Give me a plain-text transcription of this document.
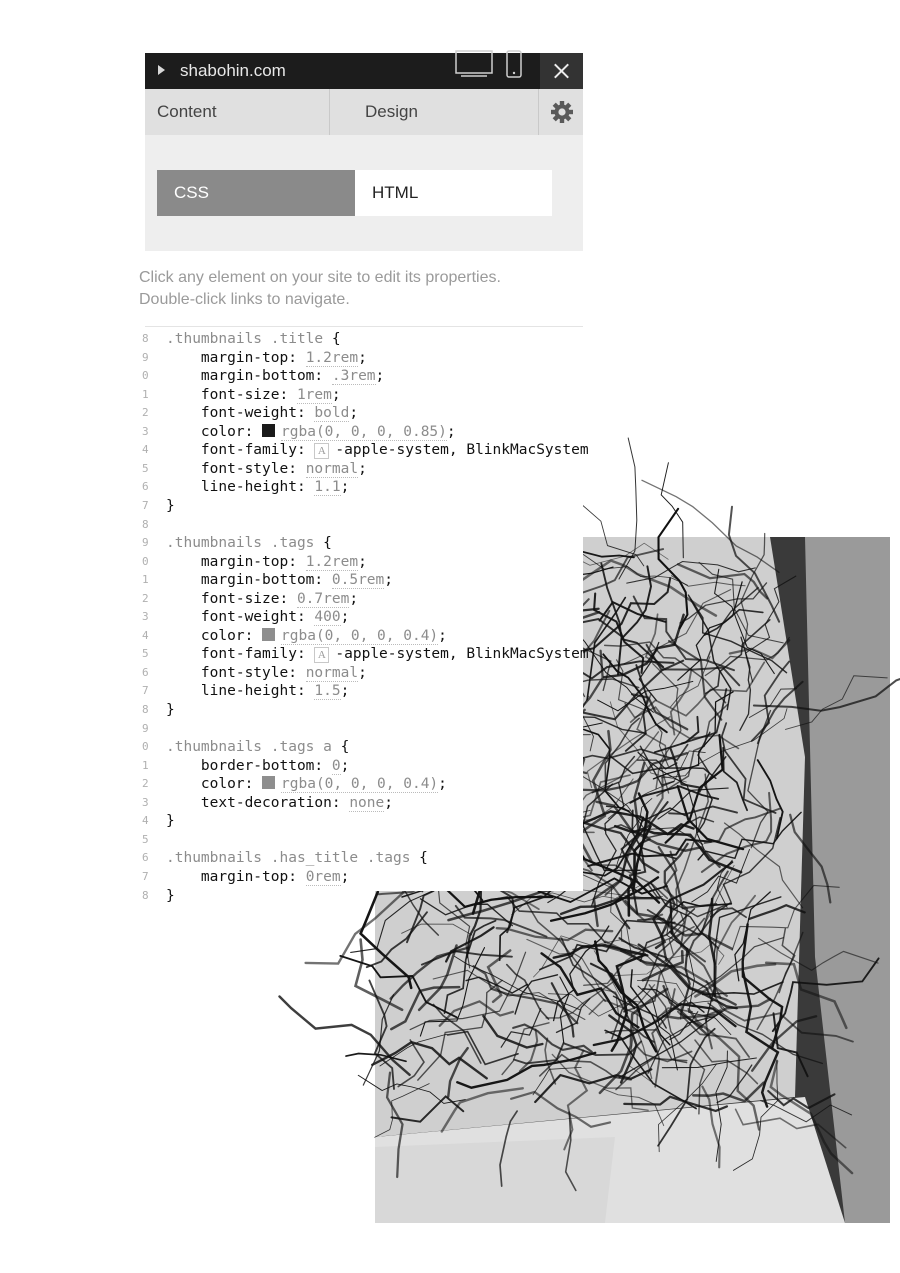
shabohin.com
Content	Design
CSS	HTML
Click any element on your site to edit its properties.
Double-click links to navigate.
8	.thumbnails .title {
9	margin-top: 1.2rem;
0	margin-bottom: .3rem;
1	font-size: 1rem;
2	font-weight: bold;
3	color: rgba(0, 0, 0, 0.85);
4	font-family: A -apple-system, BlinkMacSystem
5	font-style: normal;
6	line-height: 1.1;
7	}
8
9	.thumbnails .tags {
0	margin-top: 1.2rem;
1	margin-bottom: 0.5rem;
2	font-size: 0.7rem;
3	font-weight: 400;
4	color: rgba(0, 0, 0, 0.4);
5	font-family: A -apple-system, BlinkMacSystem
6	font-style: normal;
7	line-height: 1.5;
8	}
9
0	.thumbnails .tags a {
1	border-bottom: 0;
2	color: rgba(0, 0, 0, 0.4);
3	text-decoration: none;
4	}
5
6	.thumbnails .has_title .tags {
7	margin-top: 0rem;
8	}
